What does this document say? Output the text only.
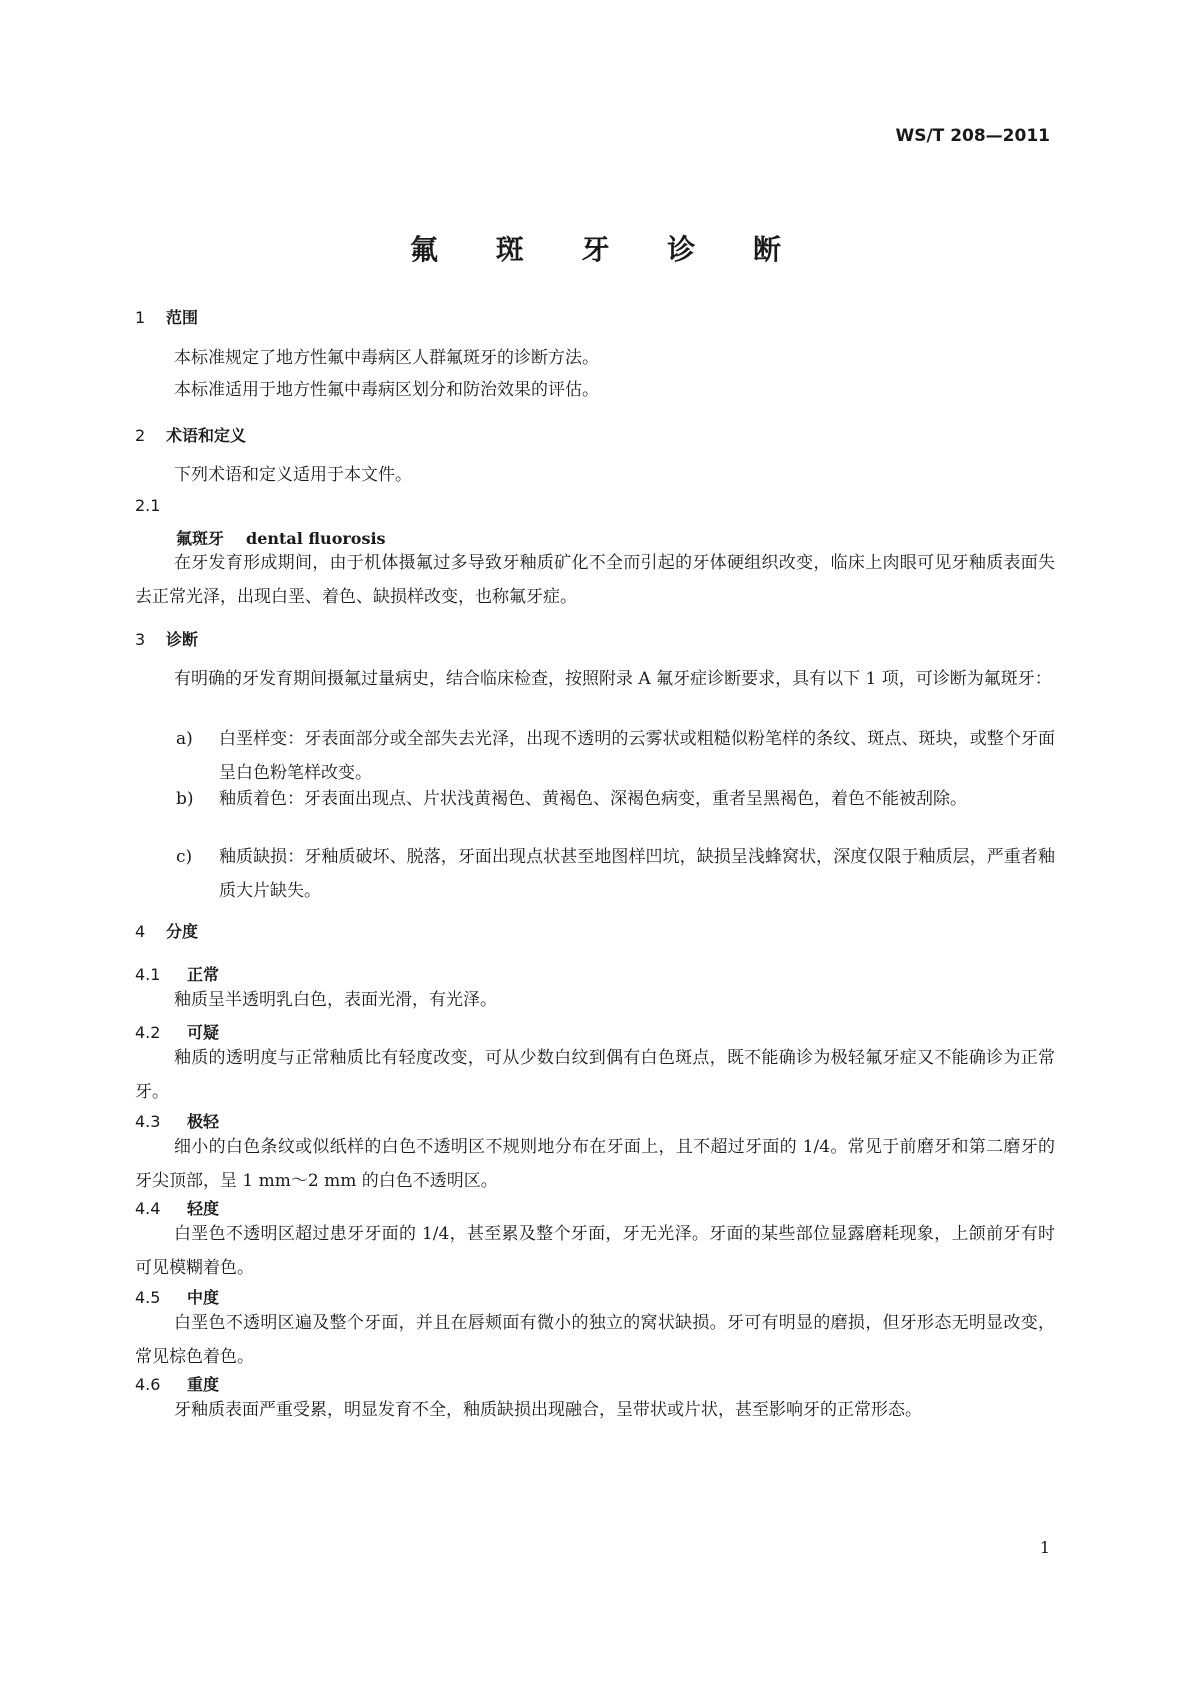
WS/T 208—2011
氟 斑 牙 诊 断
1 范围
本标准规定了地方性氟中毒病区人群氟斑牙的诊断方法。
本标准适用于地方性氟中毒病区划分和防治效果的评估。
2 术语和定义
下列术语和定义适用于本文件。
2.1
氟斑牙 dental fluorosis
在牙发育形成期间，由于机体摄氟过多导致牙釉质矿化不全而引起的牙体硬组织改变，临床上肉眼可见牙釉质表面失去正常光泽，出现白垩、着色、缺损样改变，也称氟牙症。
3 诊断
有明确的牙发育期间摄氟过量病史，结合临床检查，按照附录 A 氟牙症诊断要求，具有以下 1 项，可诊断为氟斑牙：
a)	白垩样变：牙表面部分或全部失去光泽，出现不透明的云雾状或粗糙似粉笔样的条纹、斑点、斑块，或整个牙面呈白色粉笔样改变。
b)	釉质着色：牙表面出现点、片状浅黄褐色、黄褐色、深褐色病变，重者呈黑褐色，着色不能被刮除。
c)	釉质缺损：牙釉质破坏、脱落，牙面出现点状甚至地图样凹坑，缺损呈浅蜂窝状，深度仅限于釉质层，严重者釉质大片缺失。
4 分度
4.1 正常
釉质呈半透明乳白色，表面光滑，有光泽。
4.2 可疑
釉质的透明度与正常釉质比有轻度改变，可从少数白纹到偶有白色斑点，既不能确诊为极轻氟牙症又不能确诊为正常牙。
4.3 极轻
细小的白色条纹或似纸样的白色不透明区不规则地分布在牙面上，且不超过牙面的 1/4。常见于前磨牙和第二磨牙的牙尖顶部，呈 1 mm～2 mm 的白色不透明区。
4.4 轻度
白垩色不透明区超过患牙牙面的 1/4，甚至累及整个牙面，牙无光泽。牙面的某些部位显露磨耗现象，上颌前牙有时可见模糊着色。
4.5 中度
白垩色不透明区遍及整个牙面，并且在唇颊面有微小的独立的窝状缺损。牙可有明显的磨损，但牙形态无明显改变，常见棕色着色。
4.6 重度
牙釉质表面严重受累，明显发育不全，釉质缺损出现融合，呈带状或片状，甚至影响牙的正常形态。
1
